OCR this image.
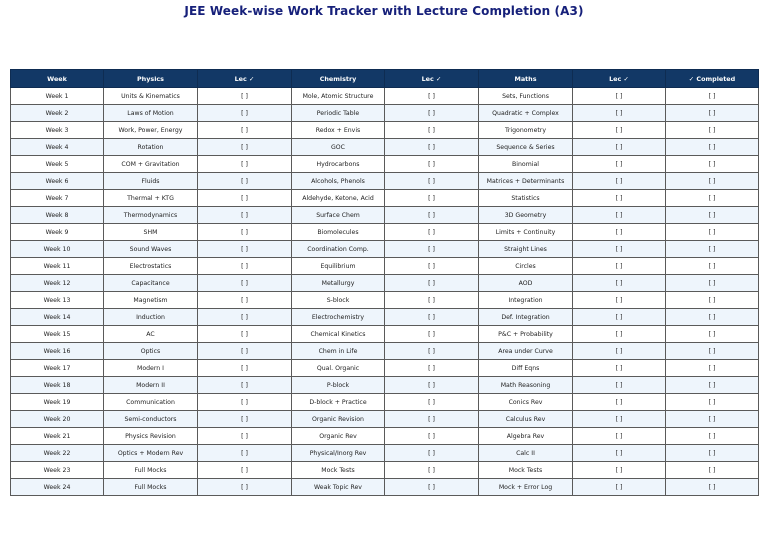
JEE Week-wise Work Tracker with Lecture Completion (A3)
Week	Physics	Lec ✓	Chemistry	Lec ✓	Maths	Lec ✓	✓ Completed
Week 1	Units & Kinematics	[ ]	Mole, Atomic Structure	[ ]	Sets, Functions	[ ]	[ ]
Week 2	Laws of Motion	[ ]	Periodic Table	[ ]	Quadratic + Complex	[ ]	[ ]
Week 3	Work, Power, Energy	[ ]	Redox + Envis	[ ]	Trigonometry	[ ]	[ ]
Week 4	Rotation	[ ]	GOC	[ ]	Sequence & Series	[ ]	[ ]
Week 5	COM + Gravitation	[ ]	Hydrocarbons	[ ]	Binomial	[ ]	[ ]
Week 6	Fluids	[ ]	Alcohols, Phenols	[ ]	Matrices + Determinants	[ ]	[ ]
Week 7	Thermal + KTG	[ ]	Aldehyde, Ketone, Acid	[ ]	Statistics	[ ]	[ ]
Week 8	Thermodynamics	[ ]	Surface Chem	[ ]	3D Geometry	[ ]	[ ]
Week 9	SHM	[ ]	Biomolecules	[ ]	Limits + Continuity	[ ]	[ ]
Week 10	Sound Waves	[ ]	Coordination Comp.	[ ]	Straight Lines	[ ]	[ ]
Week 11	Electrostatics	[ ]	Equilibrium	[ ]	Circles	[ ]	[ ]
Week 12	Capacitance	[ ]	Metallurgy	[ ]	AOD	[ ]	[ ]
Week 13	Magnetism	[ ]	S-block	[ ]	Integration	[ ]	[ ]
Week 14	Induction	[ ]	Electrochemistry	[ ]	Def. Integration	[ ]	[ ]
Week 15	AC	[ ]	Chemical Kinetics	[ ]	P&C + Probability	[ ]	[ ]
Week 16	Optics	[ ]	Chem in Life	[ ]	Area under Curve	[ ]	[ ]
Week 17	Modern I	[ ]	Qual. Organic	[ ]	Diff Eqns	[ ]	[ ]
Week 18	Modern II	[ ]	P-block	[ ]	Math Reasoning	[ ]	[ ]
Week 19	Communication	[ ]	D-block + Practice	[ ]	Conics Rev	[ ]	[ ]
Week 20	Semi-conductors	[ ]	Organic Revision	[ ]	Calculus Rev	[ ]	[ ]
Week 21	Physics Revision	[ ]	Organic Rev	[ ]	Algebra Rev	[ ]	[ ]
Week 22	Optics + Modern Rev	[ ]	Physical/Inorg Rev	[ ]	Calc II	[ ]	[ ]
Week 23	Full Mocks	[ ]	Mock Tests	[ ]	Mock Tests	[ ]	[ ]
Week 24	Full Mocks	[ ]	Weak Topic Rev	[ ]	Mock + Error Log	[ ]	[ ]
